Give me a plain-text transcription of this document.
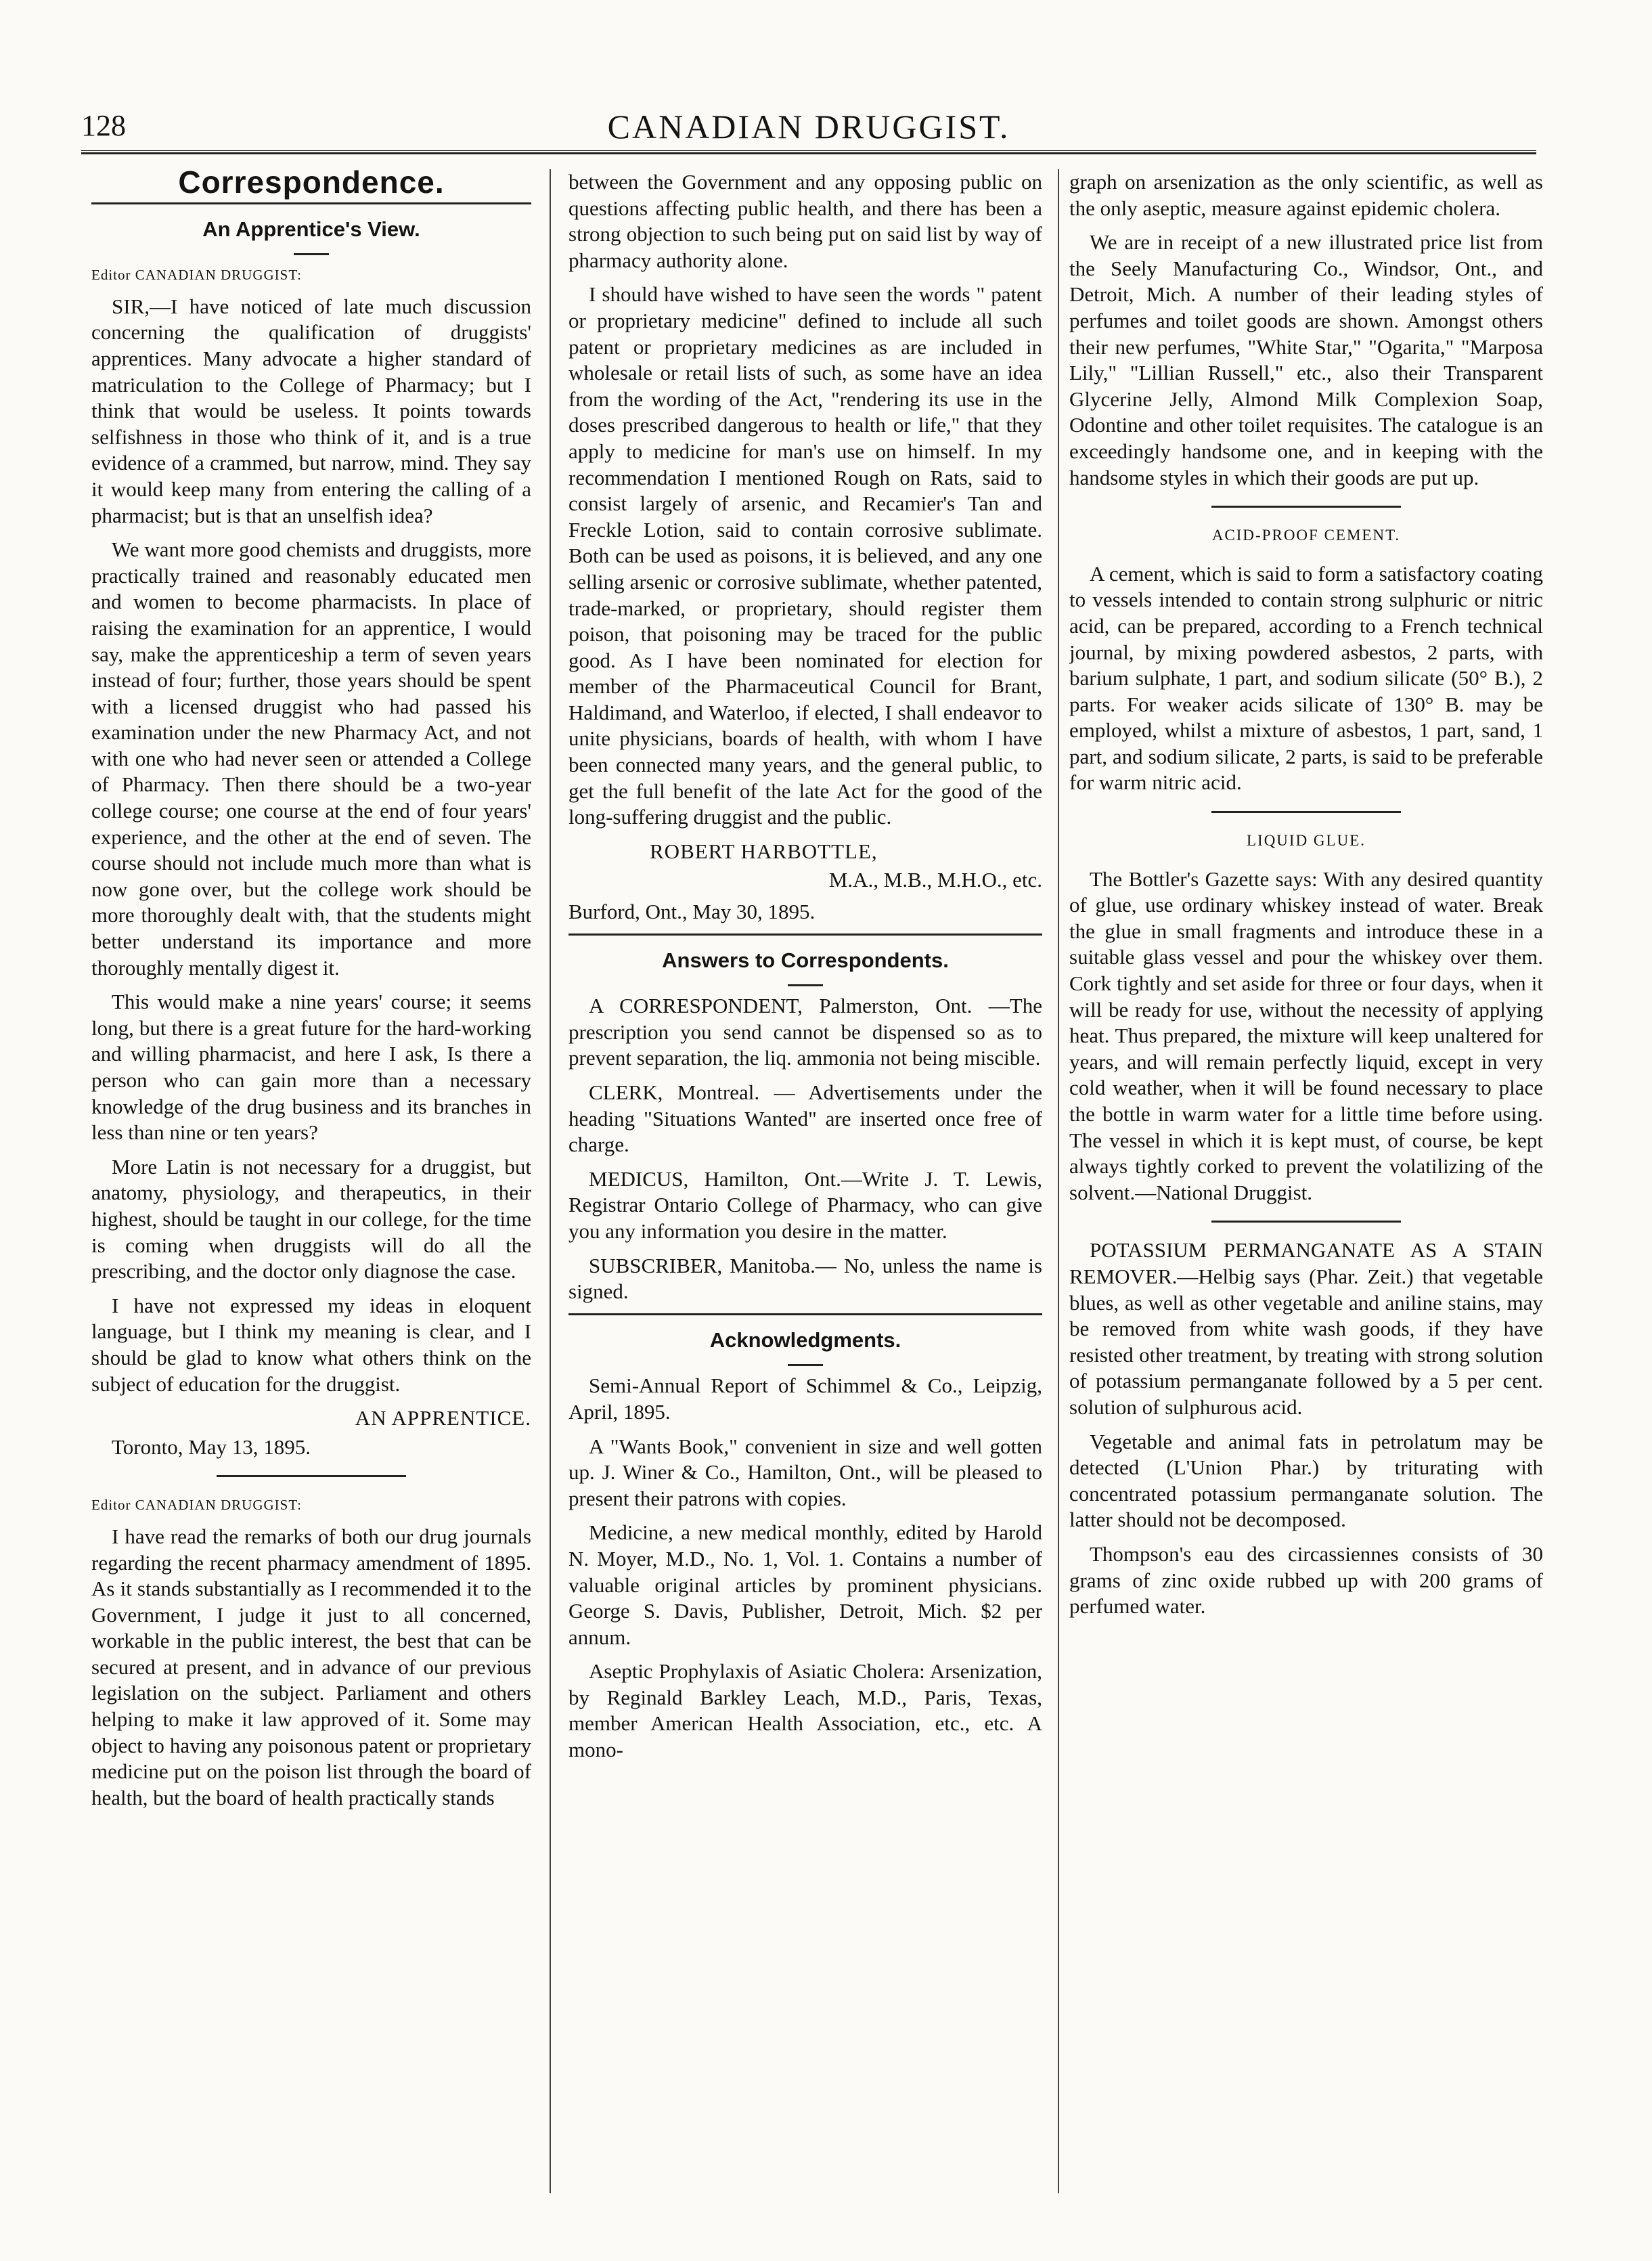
128	CANADIAN DRUGGIST.
Correspondence.
An Apprentice's View.
Editor CANADIAN DRUGGIST:

SIR,—I have noticed of late much discussion concerning the qualification of druggists' apprentices. Many advocate a higher standard of matriculation to the College of Pharmacy; but I think that would be useless. It points towards selfishness in those who think of it, and is a true evidence of a crammed, but narrow, mind. They say it would keep many from entering the calling of a pharmacist; but is that an unselfish idea?

We want more good chemists and druggists, more practically trained and reasonably educated men and women to become pharmacists. In place of raising the examination for an apprentice, I would say, make the apprenticeship a term of seven years instead of four; further, those years should be spent with a licensed druggist who had passed his examination under the new Pharmacy Act, and not with one who had never seen or attended a College of Pharmacy. Then there should be a two-year college course; one course at the end of four years' experience, and the other at the end of seven. The course should not include much more than what is now gone over, but the college work should be more thoroughly dealt with, that the students might better understand its importance and more thoroughly mentally digest it.

This would make a nine years' course; it seems long, but there is a great future for the hard-working and willing pharmacist, and here I ask, Is there a person who can gain more than a necessary knowledge of the drug business and its branches in less than nine or ten years?

More Latin is not necessary for a druggist, but anatomy, physiology, and therapeutics, in their highest, should be taught in our college, for the time is coming when druggists will do all the prescribing, and the doctor only diagnose the case.

I have not expressed my ideas in eloquent language, but I think my meaning is clear, and I should be glad to know what others think on the subject of education for the druggist.

AN APPRENTICE.

Toronto, May 13, 1895.

Editor CANADIAN DRUGGIST:

I have read the remarks of both our drug journals regarding the recent pharmacy amendment of 1895. As it stands substantially as I recommended it to the Government, I judge it just to all concerned, workable in the public interest, the best that can be secured at present, and in advance of our previous legislation on the subject. Parliament and others helping to make it law approved of it. Some may object to having any poisonous patent or proprietary medicine put on the poison list through the board of health, but the board of health practically stands

between the Government and any opposing public on questions affecting public health, and there has been a strong objection to such being put on said list by way of pharmacy authority alone.

I should have wished to have seen the words " patent or proprietary medicine" defined to include all such patent or proprietary medicines as are included in wholesale or retail lists of such, as some have an idea from the wording of the Act, "rendering its use in the doses prescribed dangerous to health or life," that they apply to medicine for man's use on himself. In my recommendation I mentioned Rough on Rats, said to consist largely of arsenic, and Recamier's Tan and Freckle Lotion, said to contain corrosive sublimate. Both can be used as poisons, it is believed, and any one selling arsenic or corrosive sublimate, whether patented, trade-marked, or proprietary, should register them poison, that poisoning may be traced for the public good. As I have been nominated for election for member of the Pharmaceutical Council for Brant, Haldimand, and Waterloo, if elected, I shall endeavor to unite physicians, boards of health, with whom I have been connected many years, and the general public, to get the full benefit of the late Act for the good of the long-suffering druggist and the public.

ROBERT HARBOTTLE,

M.A., M.B., M.H.O., etc.

Burford, Ont., May 30, 1895.

Answers to Correspondents.

A CORRESPONDENT, Palmerston, Ont. —The prescription you send cannot be dispensed so as to prevent separation, the liq. ammonia not being miscible.

CLERK, Montreal. — Advertisements under the heading "Situations Wanted" are inserted once free of charge.

MEDICUS, Hamilton, Ont.—Write J. T. Lewis, Registrar Ontario College of Pharmacy, who can give you any information you desire in the matter.

SUBSCRIBER, Manitoba.— No, unless the name is signed.

Acknowledgments.

Semi-Annual Report of Schimmel & Co., Leipzig, April, 1895.

A "Wants Book," convenient in size and well gotten up. J. Winer & Co., Hamilton, Ont., will be pleased to present their patrons with copies.

Medicine, a new medical monthly, edited by Harold N. Moyer, M.D., No. 1, Vol. 1. Contains a number of valuable original articles by prominent physicians. George S. Davis, Publisher, Detroit, Mich. $2 per annum.

Aseptic Prophylaxis of Asiatic Cholera: Arsenization, by Reginald Barkley Leach, M.D., Paris, Texas, member American Health Association, etc., etc. A mono-

graph on arsenization as the only scientific, as well as the only aseptic, measure against epidemic cholera.

We are in receipt of a new illustrated price list from the Seely Manufacturing Co., Windsor, Ont., and Detroit, Mich. A number of their leading styles of perfumes and toilet goods are shown. Amongst others their new perfumes, "White Star," "Ogarita," "Marposa Lily," "Lillian Russell," etc., also their Transparent Glycerine Jelly, Almond Milk Complexion Soap, Odontine and other toilet requisites. The catalogue is an exceedingly handsome one, and in keeping with the handsome styles in which their goods are put up.

ACID-PROOF CEMENT.

A cement, which is said to form a satisfactory coating to vessels intended to contain strong sulphuric or nitric acid, can be prepared, according to a French technical journal, by mixing powdered asbestos, 2 parts, with barium sulphate, 1 part, and sodium silicate (50° B.), 2 parts. For weaker acids silicate of 130° B. may be employed, whilst a mixture of asbestos, 1 part, sand, 1 part, and sodium silicate, 2 parts, is said to be preferable for warm nitric acid.

LIQUID GLUE.

The Bottler's Gazette says: With any desired quantity of glue, use ordinary whiskey instead of water. Break the glue in small fragments and introduce these in a suitable glass vessel and pour the whiskey over them. Cork tightly and set aside for three or four days, when it will be ready for use, without the necessity of applying heat. Thus prepared, the mixture will keep unaltered for years, and will remain perfectly liquid, except in very cold weather, when it will be found necessary to place the bottle in warm water for a little time before using. The vessel in which it is kept must, of course, be kept always tightly corked to prevent the volatilizing of the solvent.—National Druggist.

POTASSIUM PERMANGANATE AS A STAIN REMOVER.—Helbig says (Phar. Zeit.) that vegetable blues, as well as other vegetable and aniline stains, may be removed from white wash goods, if they have resisted other treatment, by treating with strong solution of potassium permanganate followed by a 5 per cent. solution of sulphurous acid.

Vegetable and animal fats in petrolatum may be detected (L'Union Phar.) by triturating with concentrated potassium permanganate solution. The latter should not be decomposed.

Thompson's eau des circassiennes consists of 30 grams of zinc oxide rubbed up with 200 grams of perfumed water.
